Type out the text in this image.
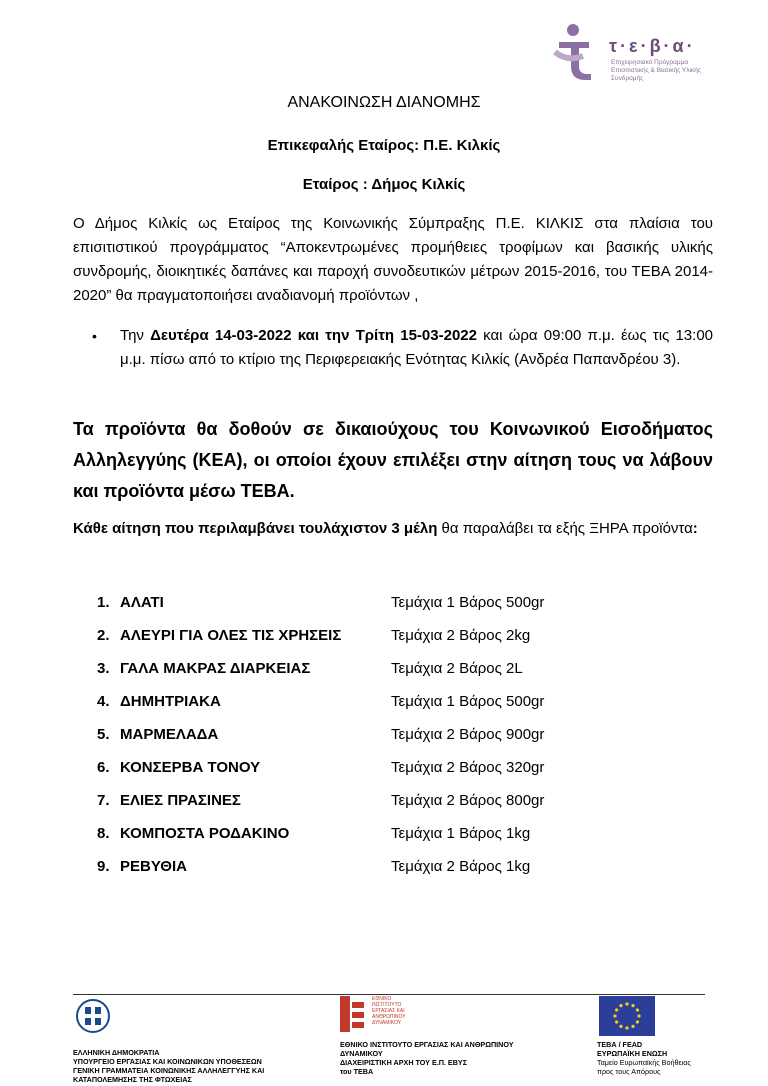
τ·ε·β·α·
Επιχειρησιακό Πρόγραμμα Επισιτιστικής & Βασικής Υλικής Συνδρομής
ΑΝΑΚΟΙΝΩΣΗ ΔΙΑΝΟΜΗΣ
Επικεφαλής Εταίρος: Π.Ε. Κιλκίς
Εταίρος : Δήμος Κιλκίς
Ο Δήμος Κιλκίς ως Εταίρος της Κοινωνικής Σύμπραξης Π.Ε. ΚΙΛΚΙΣ στα πλαίσια του επισιτιστικού προγράμματος “Αποκεντρωμένες προμήθειες τροφίμων και βασικής υλικής συνδρομής, διοικητικές δαπάνες και παροχή συνοδευτικών μέτρων 2015-2016, του ΤΕΒΑ 2014-2020” θα πραγματοποιήσει αναδιανομή προϊόντων ,
• Την Δευτέρα 14-03-2022 και την Τρίτη 15-03-2022 και ώρα 09:00 π.μ. έως τις 13:00 μ.μ. πίσω από το κτίριο της Περιφερειακής Ενότητας Κιλκίς (Ανδρέα Παπανδρέου 3).
Τα προϊόντα θα δοθούν σε δικαιούχους του Κοινωνικού Εισοδήματος Αλληλεγγύης (ΚΕΑ), οι οποίοι έχουν επιλέξει στην αίτηση τους να λάβουν και προϊόντα μέσω ΤΕΒΑ.
Κάθε αίτηση που περιλαμβάνει τουλάχιστον 3 μέλη θα παραλάβει τα εξής ΞΗΡΑ προϊόντα:
1. ΑΛΑΤΙ	Τεμάχια 1 Βάρος 500gr
2. ΑΛΕΥΡΙ ΓΙΑ ΟΛΕΣ ΤΙΣ ΧΡΗΣΕΙΣ	Τεμάχια 2 Βάρος 2kg
3. ΓΑΛΑ ΜΑΚΡΑΣ ΔΙΑΡΚΕΙΑΣ	Τεμάχια 2 Βάρος 2L
4. ΔΗΜΗΤΡΙΑΚΑ	Τεμάχια 1 Βάρος 500gr
5. ΜΑΡΜΕΛΑΔΑ	Τεμάχια 2 Βάρος 900gr
6. ΚΟΝΣΕΡΒΑ ΤΟΝΟΥ	Τεμάχια 2 Βάρος 320gr
7. ΕΛΙΕΣ ΠΡΑΣΙΝΕΣ	Τεμάχια 2 Βάρος 800gr
8. ΚΟΜΠΟΣΤΑ ΡΟΔΑΚΙΝΟ	Τεμάχια 1 Βάρος 1kg
9. ΡΕΒΥΘΙΑ	Τεμάχια 2 Βάρος 1kg
ΕΛΛΗΝΙΚΗ ΔΗΜΟΚΡΑΤΙΑ
ΥΠΟΥΡΓΕΙΟ ΕΡΓΑΣΙΑΣ ΚΑΙ ΚΟΙΝΩΝΙΚΩΝ ΥΠΟΘΕΣΕΩΝ
ΓΕΝΙΚΗ ΓΡΑΜΜΑΤΕΙΑ ΚΟΙΝΩΝΙΚΗΣ ΑΛΛΗΛΕΓΓΥΗΣ ΚΑΙ
ΚΑΤΑΠΟΛΕΜΗΣΗΣ ΤΗΣ ΦΤΩΧΕΙΑΣ
ΕΘΝΙΚΟ ΙΝΣΤΙΤΟΥΤΟ ΕΡΓΑΣΙΑΣ ΚΑΙ ΑΝΘΡΩΠΙΝΟΥ ΔΥΝΑΜΙΚΟΥ
ΕΘΝΙΚΟ ΙΝΣΤΙΤΟΥΤΟ ΕΡΓΑΣΙΑΣ ΚΑΙ ΑΝΘΡΩΠΙΝΟΥ
ΔΥΝΑΜΙΚΟΥ
ΔΙΑΧΕΙΡΙΣΤΙΚΗ ΑΡΧΗ ΤΟΥ Ε.Π. ΕΒΥΣ
του ΤΕΒΑ
ΤΕΒΑ / FEAD
ΕΥΡΩΠΑΪΚΗ ΕΝΩΣΗ
Ταμείο Ευρωπαϊκής Βοήθειας
προς τους Απόρους
